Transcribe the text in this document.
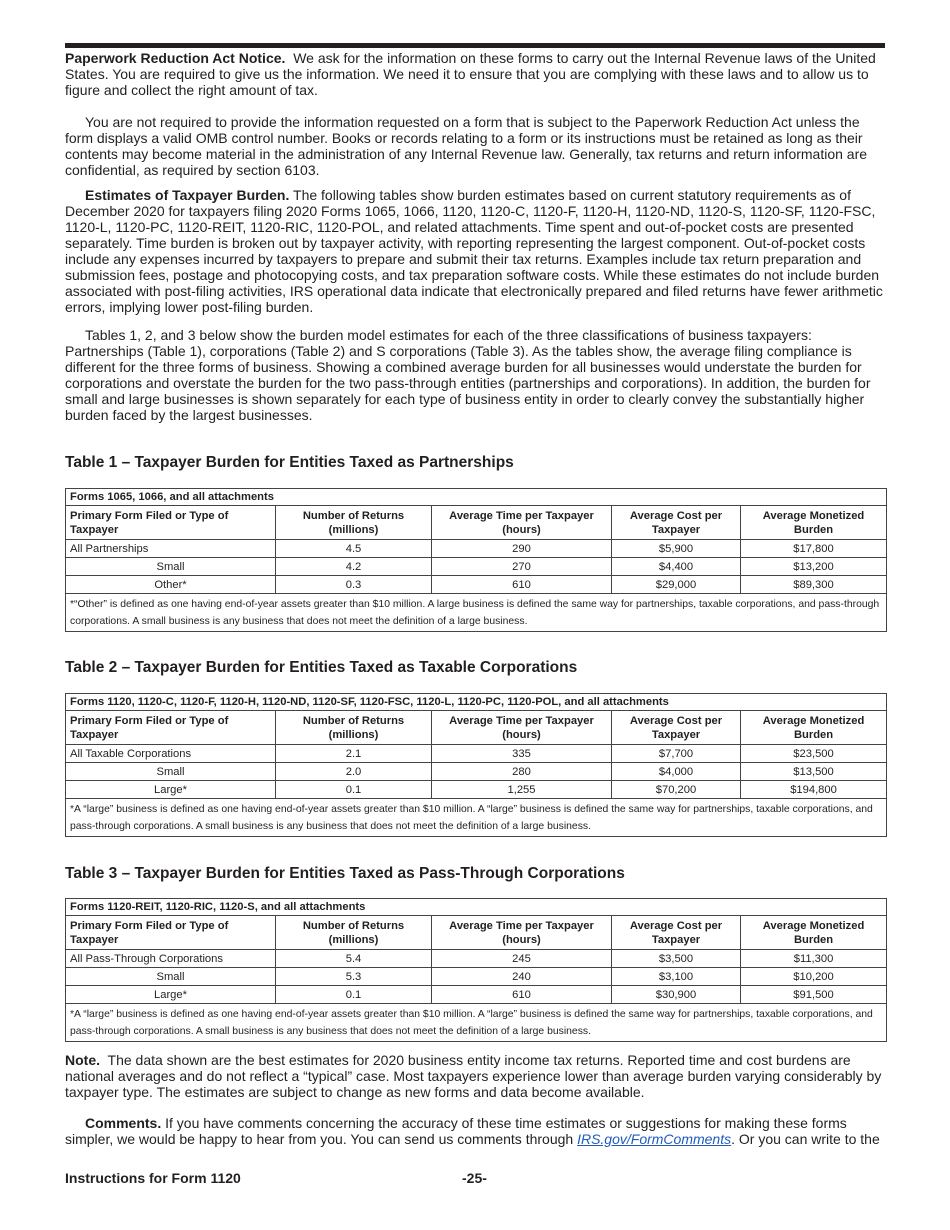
Paperwork Reduction Act Notice.  We ask for the information on these forms to carry out the Internal Revenue laws of the United States. You are required to give us the information. We need it to ensure that you are complying with these laws and to allow us to figure and collect the right amount of tax.

You are not required to provide the information requested on a form that is subject to the Paperwork Reduction Act unless the form displays a valid OMB control number. Books or records relating to a form or its instructions must be retained as long as their contents may become material in the administration of any Internal Revenue law. Generally, tax returns and return information are confidential, as required by section 6103.

Estimates of Taxpayer Burden. The following tables show burden estimates based on current statutory requirements as of December 2020 for taxpayers filing 2020 Forms 1065, 1066, 1120, 1120-C, 1120-F, 1120-H, 1120-ND, 1120-S, 1120-SF, 1120-FSC, 1120-L, 1120-PC, 1120-REIT, 1120-RIC, 1120-POL, and related attachments. Time spent and out-of-pocket costs are presented separately. Time burden is broken out by taxpayer activity, with reporting representing the largest component. Out-of-pocket costs include any expenses incurred by taxpayers to prepare and submit their tax returns. Examples include tax return preparation and submission fees, postage and photocopying costs, and tax preparation software costs. While these estimates do not include burden associated with post-filing activities, IRS operational data indicate that electronically prepared and filed returns have fewer arithmetic errors, implying lower post-filing burden.

Tables 1, 2, and 3 below show the burden model estimates for each of the three classifications of business taxpayers: Partnerships (Table 1), corporations (Table 2) and S corporations (Table 3). As the tables show, the average filing compliance is different for the three forms of business. Showing a combined average burden for all businesses would understate the burden for corporations and overstate the burden for the two pass-through entities (partnerships and corporations). In addition, the burden for small and large businesses is shown separately for each type of business entity in order to clearly convey the substantially higher burden faced by the largest businesses.

Table 1 – Taxpayer Burden for Entities Taxed as Partnerships

Forms 1065, 1066, and all attachments				
Primary Form Filed or Type of Taxpayer	Number of Returns (millions)	Average Time per Taxpayer (hours)	Average Cost per Taxpayer	Average Monetized Burden
All Partnerships	4.5	290	$5,900	$17,800
Small	4.2	270	$4,400	$13,200
Other*	0.3	610	$29,000	$89,300
*“Other” is defined as one having end-of-year assets greater than $10 million. A large business is defined the same way for partnerships, taxable corporations, and pass-through corporations. A small business is any business that does not meet the definition of a large business.				

Table 2 – Taxpayer Burden for Entities Taxed as Taxable Corporations

Forms 1120, 1120-C, 1120-F, 1120-H, 1120-ND, 1120-SF, 1120-FSC, 1120-L, 1120-PC, 1120-POL, and all attachments				
Primary Form Filed or Type of Taxpayer	Number of Returns (millions)	Average Time per Taxpayer (hours)	Average Cost per Taxpayer	Average Monetized Burden
All Taxable Corporations	2.1	335	$7,700	$23,500
Small	2.0	280	$4,000	$13,500
Large*	0.1	1,255	$70,200	$194,800
*A “large” business is defined as one having end-of-year assets greater than $10 million. A “large” business is defined the same way for partnerships, taxable corporations, and pass-through corporations. A small business is any business that does not meet the definition of a large business.				

Table 3 – Taxpayer Burden for Entities Taxed as Pass-Through Corporations

Forms 1120-REIT, 1120-RIC, 1120-S, and all attachments				
Primary Form Filed or Type of Taxpayer	Number of Returns (millions)	Average Time per Taxpayer (hours)	Average Cost per Taxpayer	Average Monetized Burden
All Pass-Through Corporations	5.4	245	$3,500	$11,300
Small	5.3	240	$3,100	$10,200
Large*	0.1	610	$30,900	$91,500
*A “large” business is defined as one having end-of-year assets greater than $10 million. A “large” business is defined the same way for partnerships, taxable corporations, and pass-through corporations. A small business is any business that does not meet the definition of a large business.				

Note.  The data shown are the best estimates for 2020 business entity income tax returns. Reported time and cost burdens are national averages and do not reflect a “typical” case. Most taxpayers experience lower than average burden varying considerably by taxpayer type. The estimates are subject to change as new forms and data become available.

Comments. If you have comments concerning the accuracy of these time estimates or suggestions for making these forms simpler, we would be happy to hear from you. You can send us comments through IRS.gov/FormComments. Or you can write to the

Instructions for Form 1120	-25-
